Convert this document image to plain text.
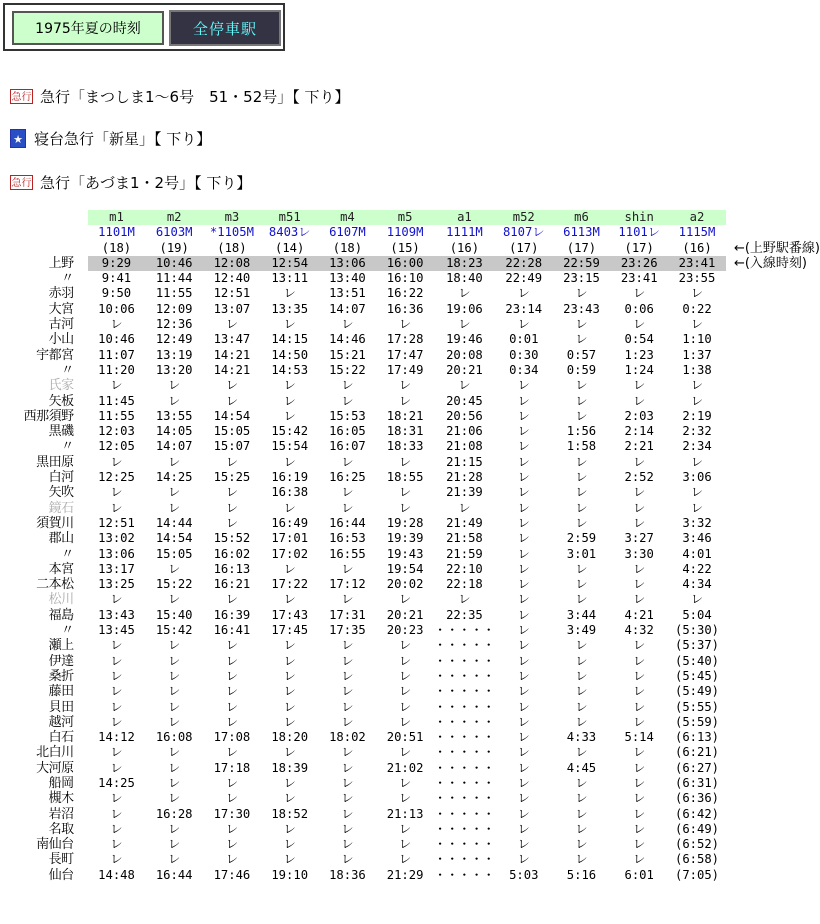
1975年夏の時刻	全停車駅
急行 急行「まつしま1～6号　51・52号」【 下り】
★ 寝台急行「新星」【 下り】
急行 急行「あづま1・2号」【 下り】
	m1	m2	m3	m51	m4	m5	a1	m52	m6	shin	a2	
	1101M	6103M	*1105M	8403レ	6107M	1109M	1111M	8107レ	6113M	1101レ	1115M	
	(18)	(19)	(18)	(14)	(18)	(15)	(16)	(17)	(17)	(17)	(16)	←(上野駅番線)
上野	9:29	10:46	12:08	12:54	13:06	16:00	18:23	22:28	22:59	23:26	23:41	←(入線時刻)
〃	9:41	11:44	12:40	13:11	13:40	16:10	18:40	22:49	23:15	23:41	23:55	
赤羽	9:50	11:55	12:51	レ	13:51	16:22	レ	レ	レ	レ	レ	
大宮	10:06	12:09	13:07	13:35	14:07	16:36	19:06	23:14	23:43	0:06	0:22	
古河	レ	12:36	レ	レ	レ	レ	レ	レ	レ	レ	レ	
小山	10:46	12:49	13:47	14:15	14:46	17:28	19:46	0:01	レ	0:54	1:10	
宇都宮	11:07	13:19	14:21	14:50	15:21	17:47	20:08	0:30	0:57	1:23	1:37	
〃	11:20	13:20	14:21	14:53	15:22	17:49	20:21	0:34	0:59	1:24	1:38	
氏家	レ	レ	レ	レ	レ	レ	レ	レ	レ	レ	レ	
矢板	11:45	レ	レ	レ	レ	レ	20:45	レ	レ	レ	レ	
西那須野	11:55	13:55	14:54	レ	15:53	18:21	20:56	レ	レ	2:03	2:19	
黒磯	12:03	14:05	15:05	15:42	16:05	18:31	21:06	レ	1:56	2:14	2:32	
〃	12:05	14:07	15:07	15:54	16:07	18:33	21:08	レ	1:58	2:21	2:34	
黒田原	レ	レ	レ	レ	レ	レ	21:15	レ	レ	レ	レ	
白河	12:25	14:25	15:25	16:19	16:25	18:55	21:28	レ	レ	2:52	3:06	
矢吹	レ	レ	レ	16:38	レ	レ	21:39	レ	レ	レ	レ	
鏡石	レ	レ	レ	レ	レ	レ	レ	レ	レ	レ	レ	
須賀川	12:51	14:44	レ	16:49	16:44	19:28	21:49	レ	レ	レ	3:32	
郡山	13:02	14:54	15:52	17:01	16:53	19:39	21:58	レ	2:59	3:27	3:46	
〃	13:06	15:05	16:02	17:02	16:55	19:43	21:59	レ	3:01	3:30	4:01	
本宮	13:17	レ	16:13	レ	レ	19:54	22:10	レ	レ	レ	4:22	
二本松	13:25	15:22	16:21	17:22	17:12	20:02	22:18	レ	レ	レ	4:34	
松川	レ	レ	レ	レ	レ	レ	レ	レ	レ	レ	レ	
福島	13:43	15:40	16:39	17:43	17:31	20:21	22:35	レ	3:44	4:21	5:04	
〃	13:45	15:42	16:41	17:45	17:35	20:23	・・・・・	レ	3:49	4:32	(5:30)	
瀬上	レ	レ	レ	レ	レ	レ	・・・・・	レ	レ	レ	(5:37)	
伊達	レ	レ	レ	レ	レ	レ	・・・・・	レ	レ	レ	(5:40)	
桑折	レ	レ	レ	レ	レ	レ	・・・・・	レ	レ	レ	(5:45)	
藤田	レ	レ	レ	レ	レ	レ	・・・・・	レ	レ	レ	(5:49)	
貝田	レ	レ	レ	レ	レ	レ	・・・・・	レ	レ	レ	(5:55)	
越河	レ	レ	レ	レ	レ	レ	・・・・・	レ	レ	レ	(5:59)	
白石	14:12	16:08	17:08	18:20	18:02	20:51	・・・・・	レ	4:33	5:14	(6:13)	
北白川	レ	レ	レ	レ	レ	レ	・・・・・	レ	レ	レ	(6:21)	
大河原	レ	レ	17:18	18:39	レ	21:02	・・・・・	レ	4:45	レ	(6:27)	
船岡	14:25	レ	レ	レ	レ	レ	・・・・・	レ	レ	レ	(6:31)	
槻木	レ	レ	レ	レ	レ	レ	・・・・・	レ	レ	レ	(6:36)	
岩沼	レ	16:28	17:30	18:52	レ	21:13	・・・・・	レ	レ	レ	(6:42)	
名取	レ	レ	レ	レ	レ	レ	・・・・・	レ	レ	レ	(6:49)	
南仙台	レ	レ	レ	レ	レ	レ	・・・・・	レ	レ	レ	(6:52)	
長町	レ	レ	レ	レ	レ	レ	・・・・・	レ	レ	レ	(6:58)	
仙台	14:48	16:44	17:46	19:10	18:36	21:29	・・・・・	5:03	5:16	6:01	(7:05)	
